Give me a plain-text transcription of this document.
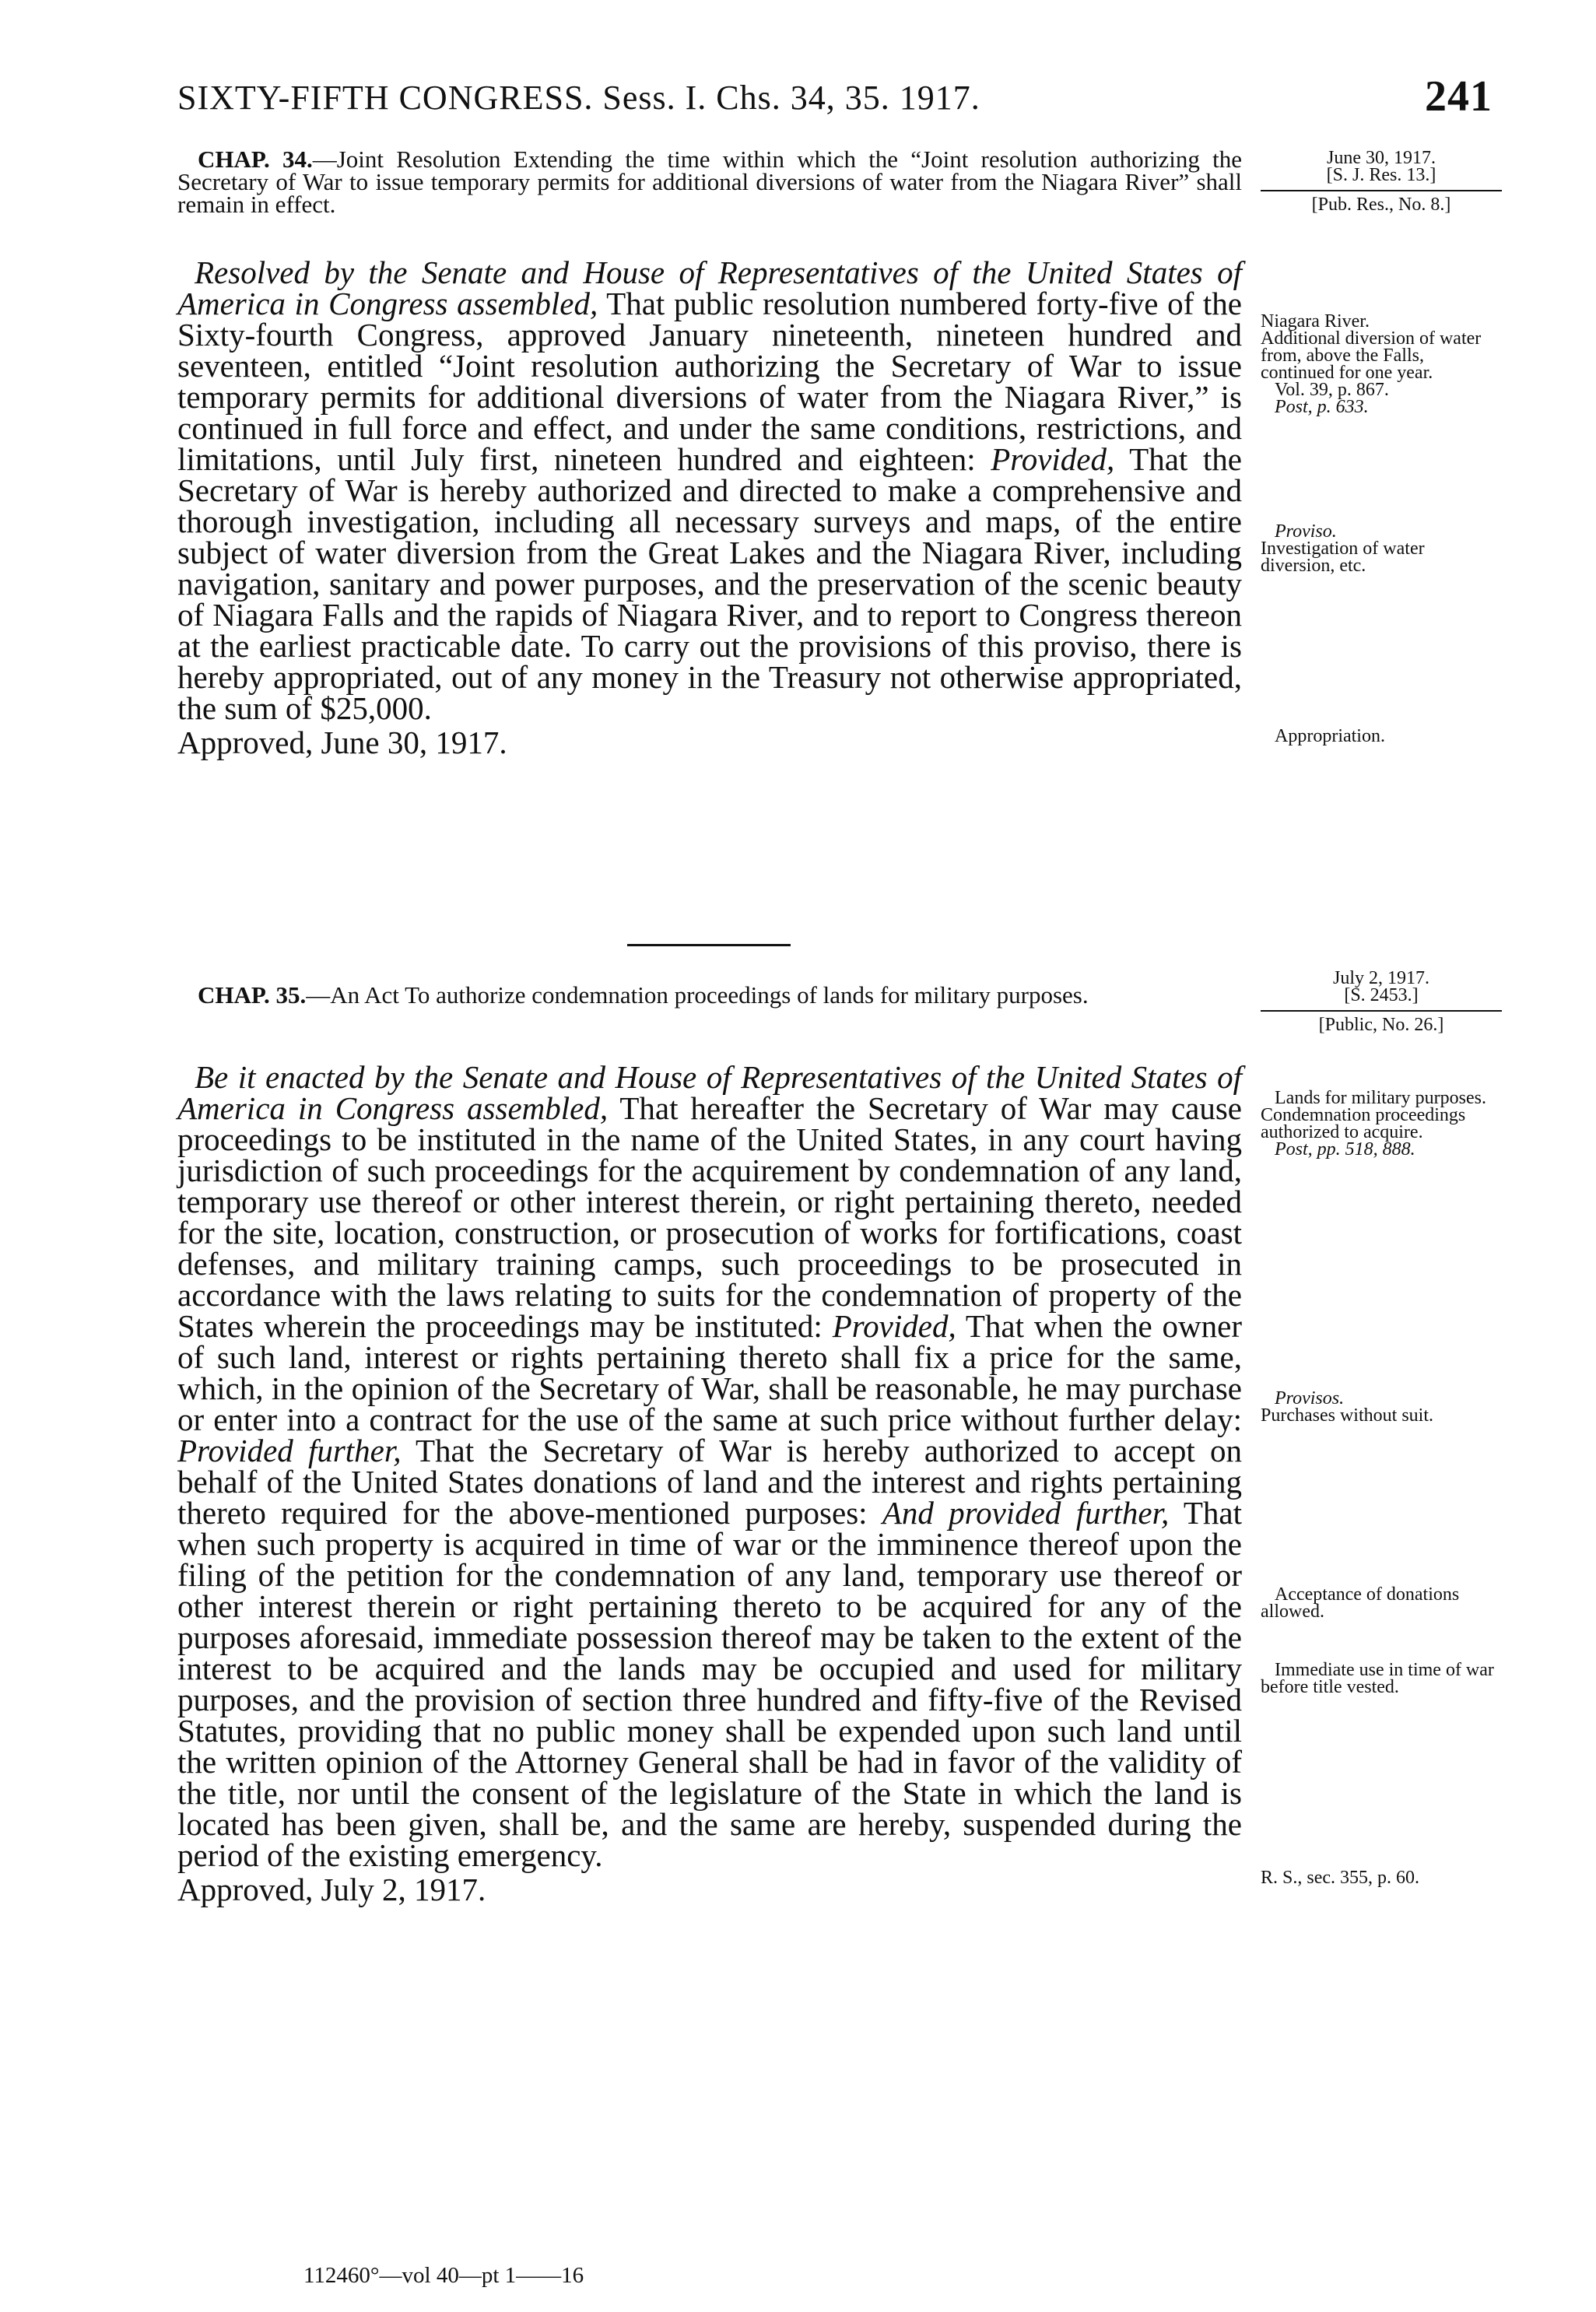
SIXTY-FIFTH CONGRESS. Sess. I. Chs. 34, 35. 1917.	241

CHAP. 34.—Joint Resolution Extending the time within which the “Joint resolution authorizing the Secretary of War to issue temporary permits for additional diversions of water from the Niagara River” shall remain in effect.

June 30, 1917.

[S. J. Res. 13.]

[Pub. Res., No. 8.]

Resolved by the Senate and House of Representatives of the United States of America in Congress assembled, That public resolution numbered forty-five of the Sixty-fourth Congress, approved January nineteenth, nineteen hundred and seventeen, entitled “Joint resolution authorizing the Secretary of War to issue temporary permits for additional diversions of water from the Niagara River,” is continued in full force and effect, and under the same conditions, restrictions, and limitations, until July first, nineteen hundred and eighteen: Provided, That the Secretary of War is hereby authorized and directed to make a comprehensive and thorough investigation, including all necessary surveys and maps, of the entire subject of water diversion from the Great Lakes and the Niagara River, including navigation, sanitary and power purposes, and the preservation of the scenic beauty of Niagara Falls and the rapids of Niagara River, and to report to Congress thereon at the earliest practicable date. To carry out the provisions of this proviso, there is hereby appropriated, out of any money in the Treasury not otherwise appropriated, the sum of $25,000.

Approved, June 30, 1917.

Niagara River.

Additional diversion of water from, above the Falls, continued for one year.

Vol. 39, p. 867.

Post, p. 633.

Proviso.

Investigation of water diversion, etc.

Appropriation.

July 2, 1917.

[S. 2453.]

[Public, No. 26.]

CHAP. 35.—An Act To authorize condemnation proceedings of lands for military purposes.

Be it enacted by the Senate and House of Representatives of the United States of America in Congress assembled, That hereafter the Secretary of War may cause proceedings to be instituted in the name of the United States, in any court having jurisdiction of such proceedings for the acquirement by condemnation of any land, temporary use thereof or other interest therein, or right pertaining thereto, needed for the site, location, construction, or prosecution of works for fortifications, coast defenses, and military training camps, such proceedings to be prosecuted in accordance with the laws relating to suits for the condemnation of property of the States wherein the proceedings may be instituted: Provided, That when the owner of such land, interest or rights pertaining thereto shall fix a price for the same, which, in the opinion of the Secretary of War, shall be reasonable, he may purchase or enter into a contract for the use of the same at such price without further delay: Provided further, That the Secretary of War is hereby authorized to accept on behalf of the United States donations of land and the interest and rights pertaining thereto required for the above-mentioned purposes: And provided further, That when such property is acquired in time of war or the imminence thereof upon the filing of the petition for the condemnation of any land, temporary use thereof or other interest therein or right pertaining thereto to be acquired for any of the purposes aforesaid, immediate possession thereof may be taken to the extent of the interest to be acquired and the lands may be occupied and used for military purposes, and the provision of section three hundred and fifty-five of the Revised Statutes, providing that no public money shall be expended upon such land until the written opinion of the Attorney General shall be had in favor of the validity of the title, nor until the consent of the legislature of the State in which the land is located has been given, shall be, and the same are hereby, suspended during the period of the existing emergency.

Approved, July 2, 1917.

Lands for military purposes.

Condemnation proceedings authorized to acquire.

Post, pp. 518, 888.

Provisos.

Purchases without suit.

Acceptance of donations allowed.

Immediate use in time of war before title vested.

R. S., sec. 355, p. 60.

112460°—vol 40—pt 1——16
